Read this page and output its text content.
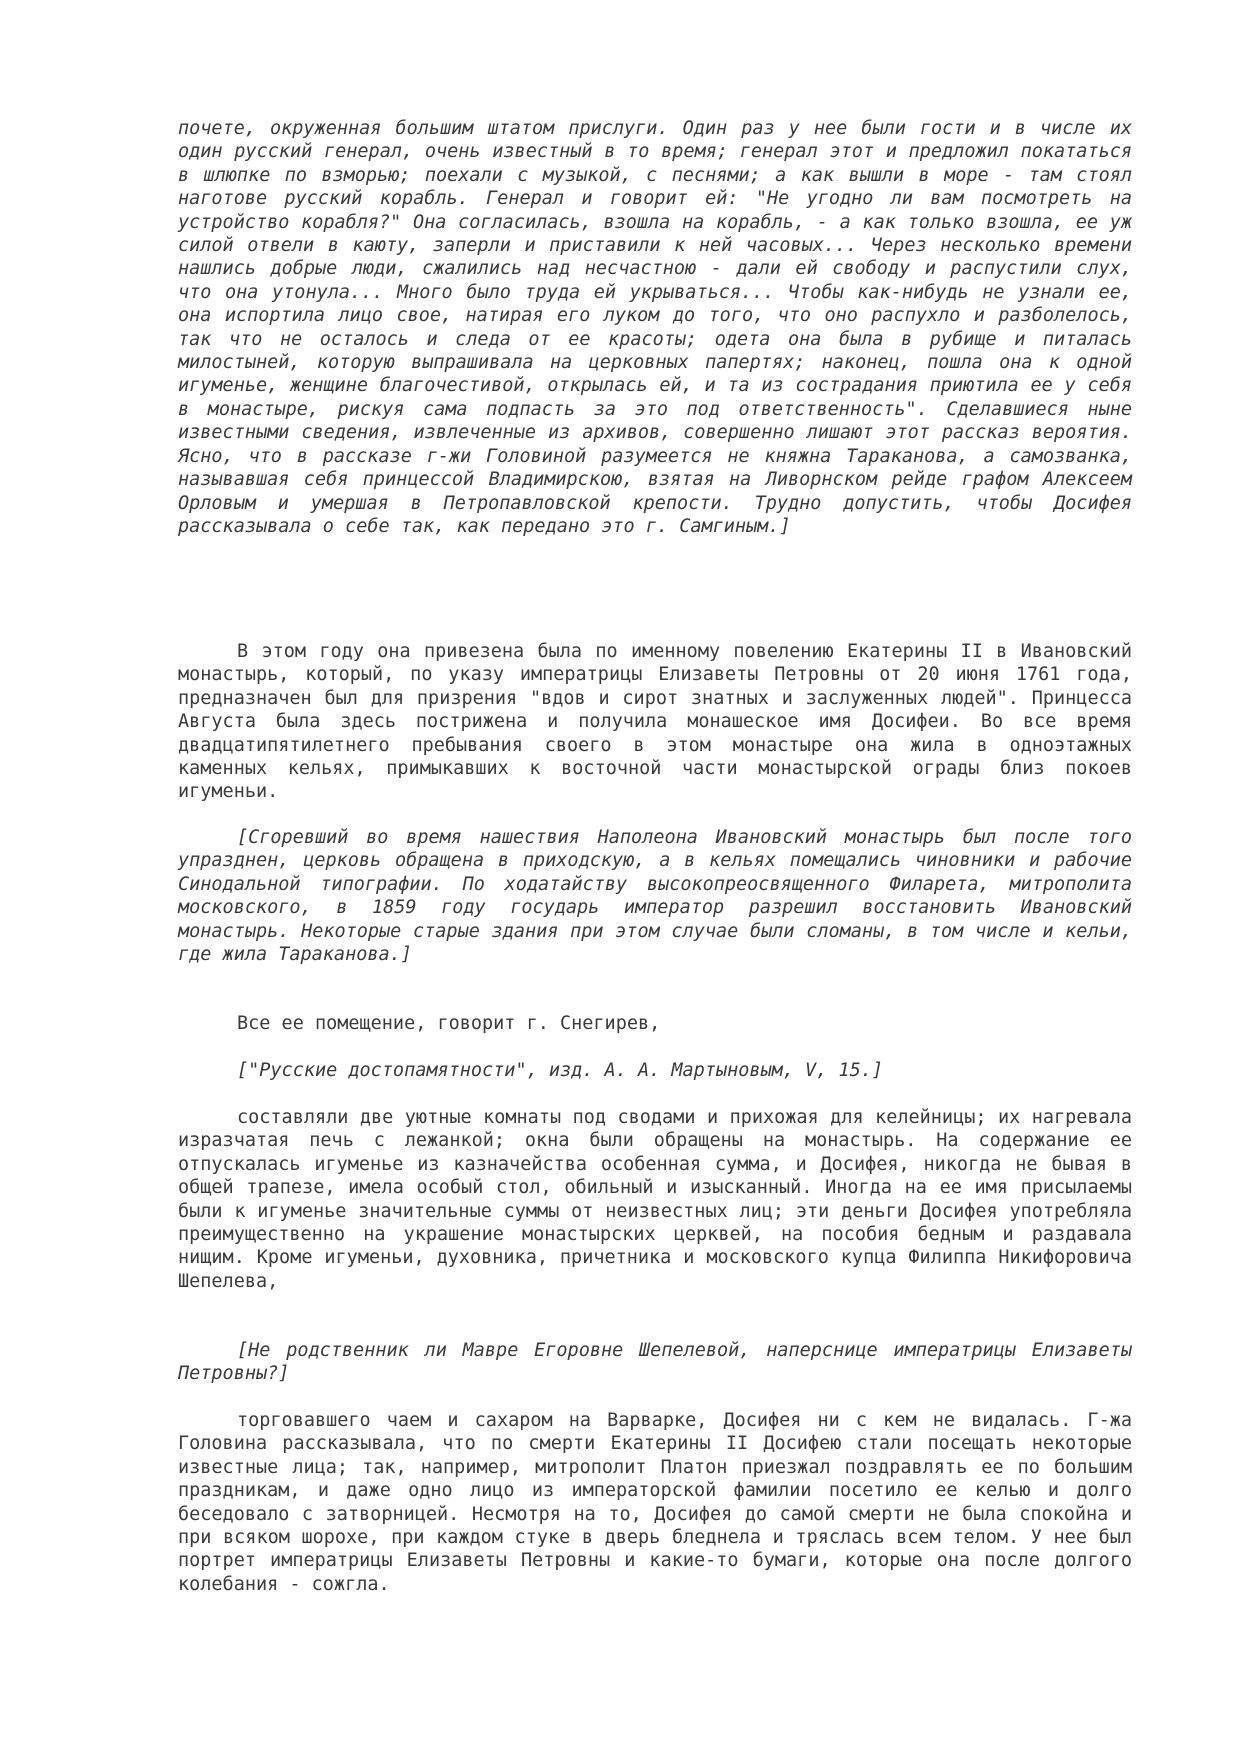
почете, окруженная большим штатом прислуги. Один раз у нее были гости и в числе их один русский генерал, очень известный в то время; генерал этот и предложил покататься в шлюпке по взморью; поехали с музыкой, с песнями; а как вышли в море - там стоял наготове русский корабль. Генерал и говорит ей: "Не угодно ли вам посмотреть на устройство корабля?" Она согласилась, взошла на корабль, - а как только взошла, ее уж силой отвели в каюту, заперли и приставили к ней часовых... Через несколько времени нашлись добрые люди, сжалились над несчастною - дали ей свободу и распустили слух, что она утонула... Много было труда ей укрываться... Чтобы как-нибудь не узнали ее, она испортила лицо свое, натирая его луком до того, что оно распухло и разболелось, так что не осталось и следа от ее красоты; одета она была в рубище и питалась милостыней, которую выпрашивала на церковных папертях; наконец, пошла она к одной игуменье, женщине благочестивой, открылась ей, и та из сострадания приютила ее у себя в монастыре, рискуя сама подпасть за это под ответственность". Сделавшиеся ныне известными сведения, извлеченные из архивов, совершенно лишают этот рассказ вероятия. Ясно, что в рассказе г-жи Головиной разумеется не княжна Тараканова, а самозванка, называвшая себя принцессой Владимирскою, взятая на Ливорнском рейде графом Алексеем Орловым и умершая в Петропавловской крепости. Трудно допустить, чтобы Досифея рассказывала о себе так, как передано это г. Самгиным.]

В этом году она привезена была по именному повелению Екатерины II в Ивановский монастырь, который, по указу императрицы Елизаветы Петровны от 20 июня 1761 года, предназначен был для призрения "вдов и сирот знатных и заслуженных людей". Принцесса Августа была здесь пострижена и получила монашеское имя Досифеи. Во все время двадцатипятилетнего пребывания своего в этом монастыре она жила в одноэтажных каменных кельях, примыкавших к восточной части монастырской ограды близ покоев игуменьи.

[Сгоревший во время нашествия Наполеона Ивановский монастырь был после того упразднен, церковь обращена в приходскую, а в кельях помещались чиновники и рабочие Синодальной типографии. По ходатайству высокопреосвященного Филарета, митрополита московского, в 1859 году государь император разрешил восстановить Ивановский монастырь. Некоторые старые здания при этом случае были сломаны, в том числе и кельи, где жила Тараканова.]

Все ее помещение, говорит г. Снегирев,

["Русские достопамятности", изд. А. А. Мартыновым, V, 15.]

составляли две уютные комнаты под сводами и прихожая для келейницы; их нагревала изразчатая печь с лежанкой; окна были обращены на монастырь. На содержание ее отпускалась игуменье из казначейства особенная сумма, и Досифея, никогда не бывая в общей трапезе, имела особый стол, обильный и изысканный. Иногда на ее имя присылаемы были к игуменье значительные суммы от неизвестных лиц; эти деньги Досифея употребляла преимущественно на украшение монастырских церквей, на пособия бедным и раздавала нищим. Кроме игуменьи, духовника, причетника и московского купца Филиппа Никифоровича Шепелева,

[Не родственник ли Мавре Егоровне Шепелевой, наперснице императрицы Елизаветы Петровны?]

торговавшего чаем и сахаром на Варварке, Досифея ни с кем не видалась. Г-жа Головина рассказывала, что по смерти Екатерины II Досифею стали посещать некоторые известные лица; так, например, митрополит Платон приезжал поздравлять ее по большим праздникам, и даже одно лицо из императорской фамилии посетило ее келью и долго беседовало с затворницей. Несмотря на то, Досифея до самой смерти не была спокойна и при всяком шорохе, при каждом стуке в дверь бледнела и тряслась всем телом. У нее был портрет императрицы Елизаветы Петровны и какие-то бумаги, которые она после долгого колебания - сожгла.
